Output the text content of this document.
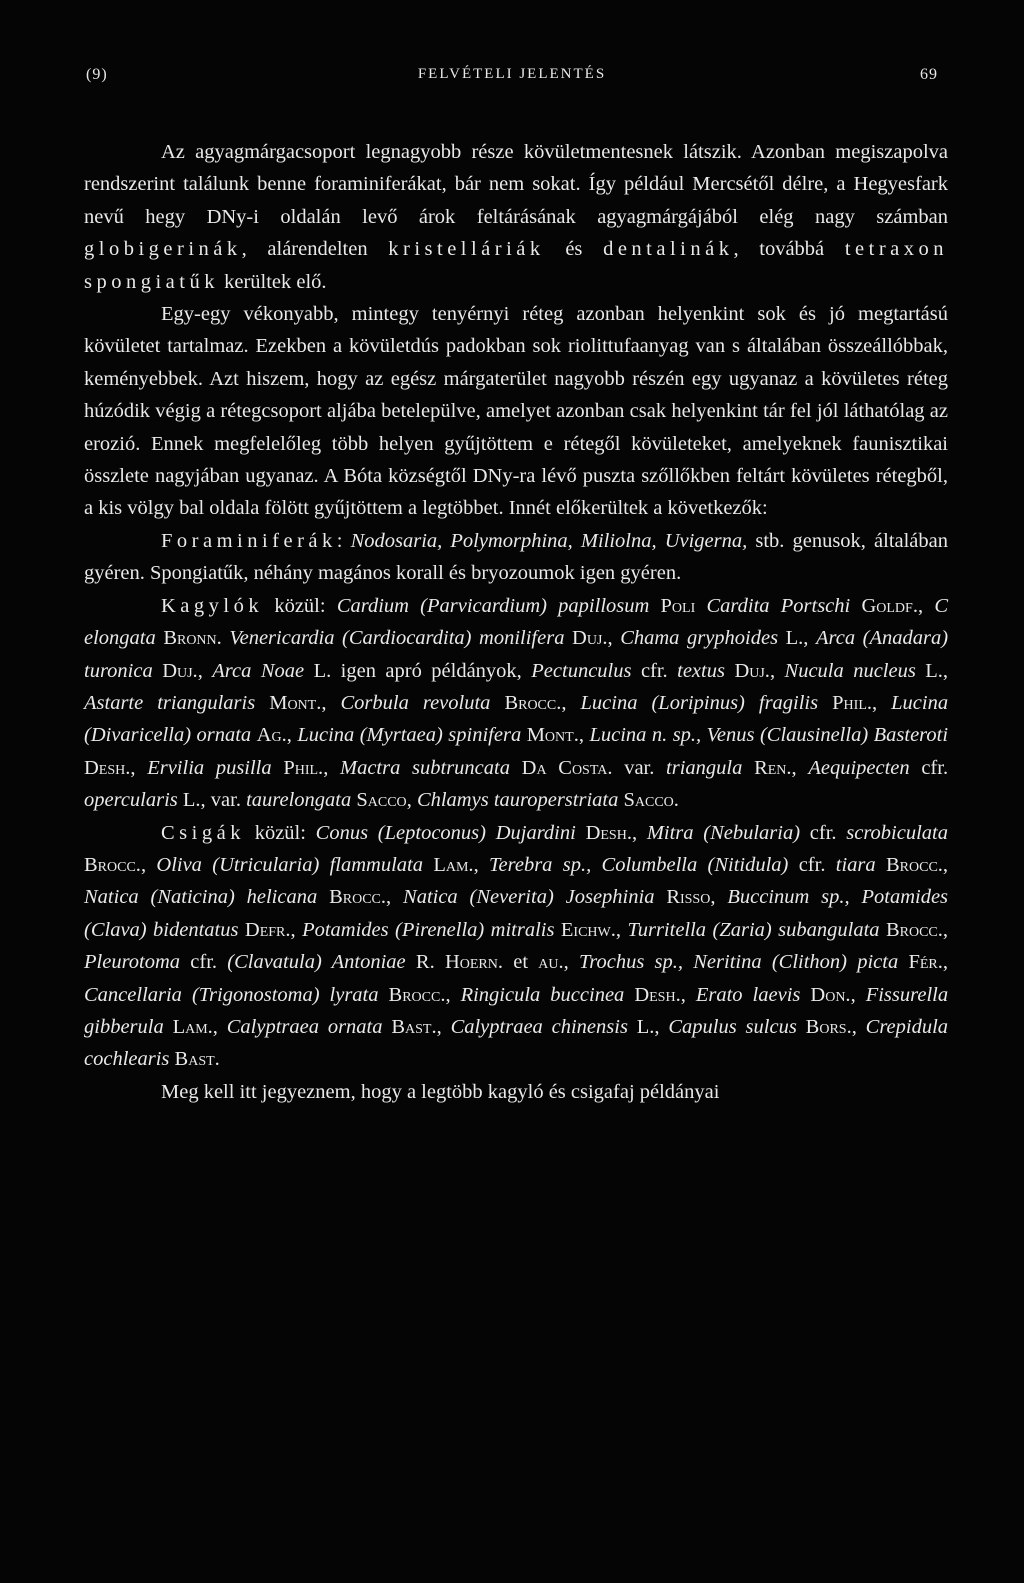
(9)	FELVÉTELI JELENTÉS	69

Az agyagmárgacsoport legnagyobb része kövületmentesnek látszik. Azonban megiszapolva rendszerint találunk benne foraminiferákat, bár nem sokat. Így például Mercsétől délre, a Hegyesfark nevű hegy DNy-i oldalán levő árok feltárásának agyagmárgájából elég nagy számban globigerinák, alárendelten kristelláriák és dentalinák, továbbá tetraxon spongiatűk kerültek elő.

Egy-egy vékonyabb, mintegy tenyérnyi réteg azonban helyenkint sok és jó megtartású kövületet tartalmaz. Ezekben a kövületdús padokban sok riolittufaanyag van s általában összeállóbbak, keményebbek. Azt hiszem, hogy az egész márgaterület nagyobb részén egy ugyanaz a kövületes réteg húzódik végig a rétegcsoport aljába betelepülve, amelyet azonban csak helyenkint tár fel jól láthatólag az erozió. Ennek megfelelőleg több helyen gyűjtöttem e rétegől kövületeket, amelyeknek faunisztikai összlete nagyjában ugyanaz. A Bóta községtől DNy-ra lévő puszta szőllőkben feltárt kövületes rétegből, a kis völgy bal oldala fölött gyűjtöttem a legtöbbet. Innét előkerültek a következők:

Foraminiferák: Nodosaria, Polymorphina, Miliolna, Uvigerna, stb. genusok, általában gyéren. Spongiatűk, néhány magános korall és bryozoumok igen gyéren.

Kagylók közül: Cardium (Parvicardium) papillosum Poli Cardita Portschi Goldf., C elongata Bronn. Venericardia (Cardiocardita) monilifera Duj., Chama gryphoides L., Arca (Anadara) turonica Duj., Arca Noae L. igen apró példányok, Pectunculus cfr. textus Duj., Nucula nucleus L., Astarte triangularis Mont., Corbula revoluta Brocc., Lucina (Loripinus) fragilis Phil., Lucina (Divaricella) ornata Ag., Lucina (Myrtaea) spinifera Mont., Lucina n. sp., Venus (Clausinella) Basteroti Desh., Ervilia pusilla Phil., Mactra subtruncata Da Costa. var. triangula Ren., Aequipecten cfr. opercularis L., var. taurelongata Sacco, Chlamys tauroperstriata Sacco.

Csigák közül: Conus (Leptoconus) Dujardini Desh., Mitra (Nebularia) cfr. scrobiculata Brocc., Oliva (Utricularia) flammulata Lam., Terebra sp., Columbella (Nitidula) cfr. tiara Brocc., Natica (Naticina) helicana Brocc., Natica (Neverita) Josephinia Risso, Buccinum sp., Potamides (Clava) bidentatus Defr., Potamides (Pirenella) mitralis Eichw., Turritella (Zaria) subangulata Brocc., Pleurotoma cfr. (Clavatula) Antoniae R. Hoern. et au., Trochus sp., Neritina (Clithon) picta Fér., Cancellaria (Trigonostoma) lyrata Brocc., Ringicula buccinea Desh., Erato laevis Don., Fissurella gibberula Lam., Calyptraea ornata Bast., Calyptraea chinensis L., Capulus sulcus Bors., Crepidula cochlearis Bast.

Meg kell itt jegyeznem, hogy a legtöbb kagyló és csigafaj példányai
